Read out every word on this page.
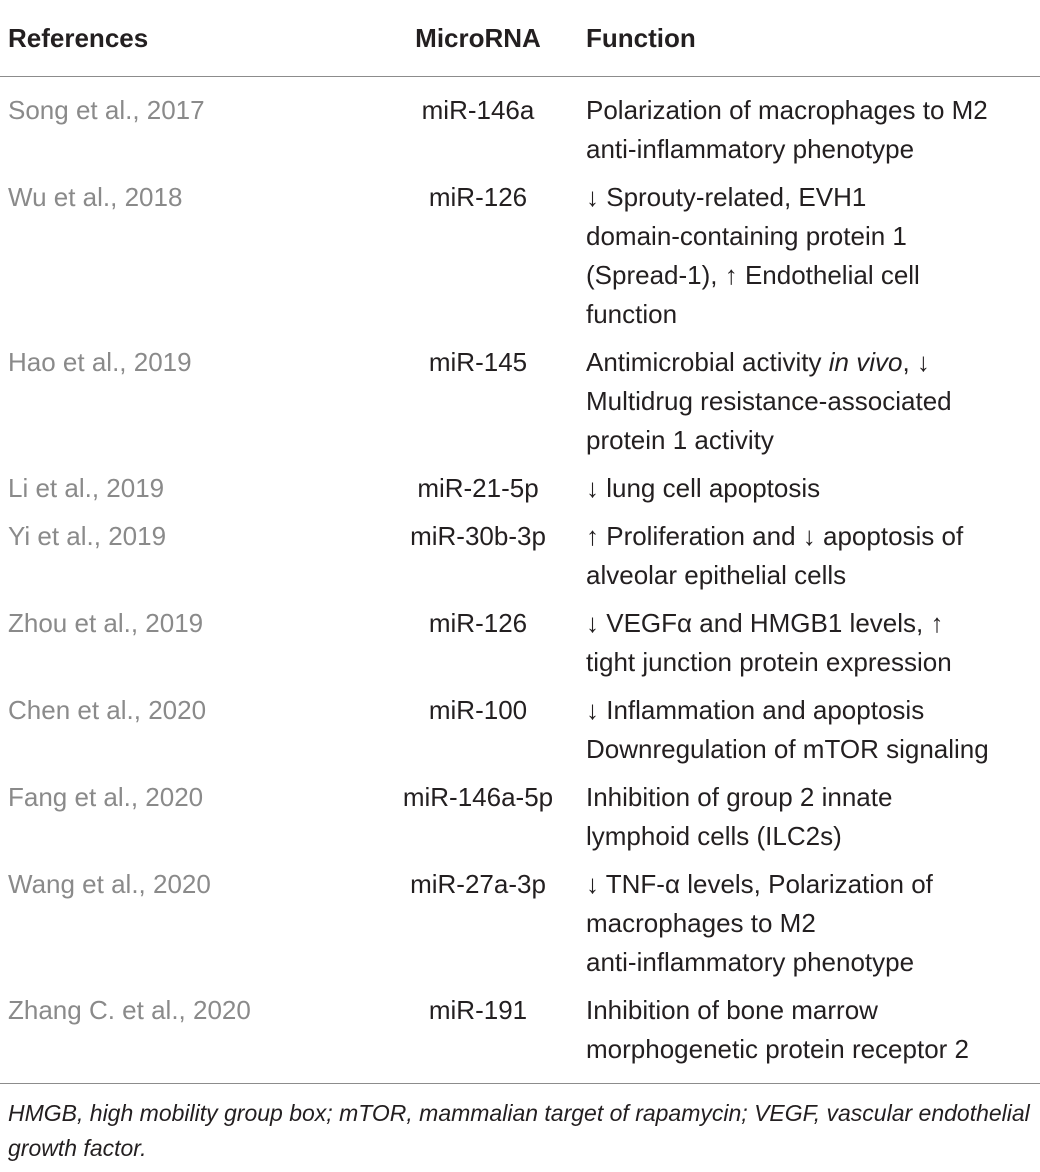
References	MicroRNA	Function
Song et al., 2017	miR-146a	Polarization of macrophages to M2
anti-inflammatory phenotype
Wu et al., 2018	miR-126	↓ Sprouty-related, EVH1
domain-containing protein 1
(Spread-1), ↑ Endothelial cell
function
Hao et al., 2019	miR-145	Antimicrobial activity in vivo, ↓
Multidrug resistance-associated
protein 1 activity
Li et al., 2019	miR-21-5p	↓ lung cell apoptosis
Yi et al., 2019	miR-30b-3p	↑ Proliferation and ↓ apoptosis of
alveolar epithelial cells
Zhou et al., 2019	miR-126	↓ VEGFα and HMGB1 levels, ↑
tight junction protein expression
Chen et al., 2020	miR-100	↓ Inflammation and apoptosis
Downregulation of mTOR signaling
Fang et al., 2020	miR-146a-5p	Inhibition of group 2 innate
lymphoid cells (ILC2s)
Wang et al., 2020	miR-27a-3p	↓ TNF-α levels, Polarization of
macrophages to M2
anti-inflammatory phenotype
Zhang C. et al., 2020	miR-191	Inhibition of bone marrow
morphogenetic protein receptor 2
HMGB, high mobility group box; mTOR, mammalian target of rapamycin; VEGF, vascular endothelial growth factor.
